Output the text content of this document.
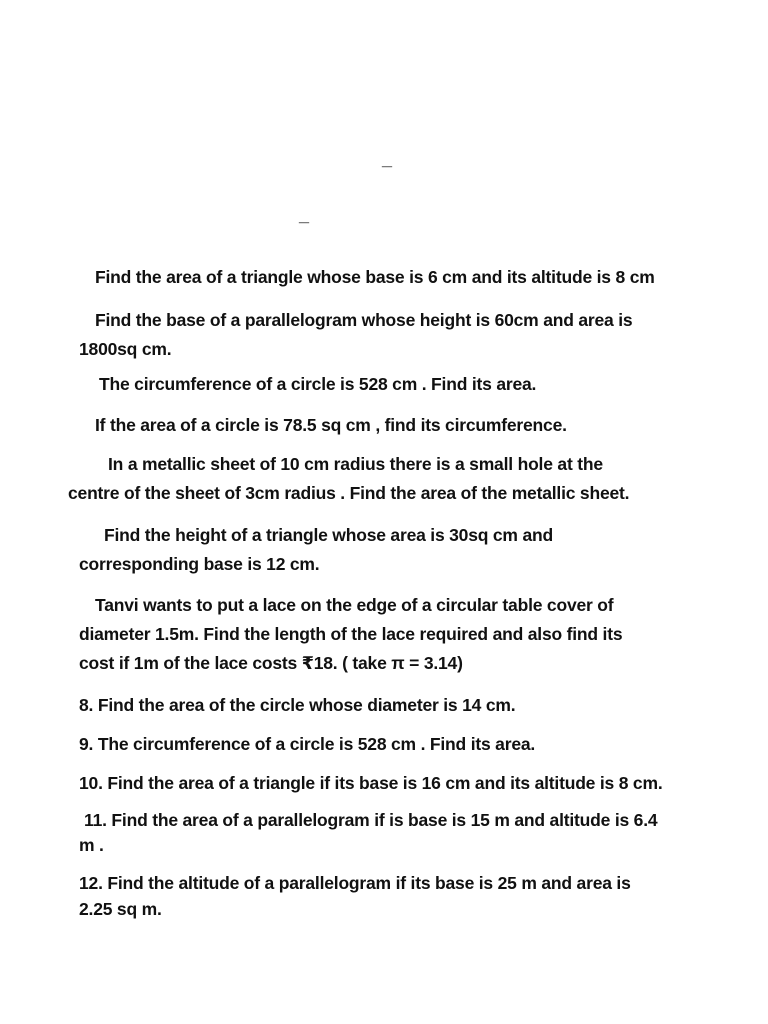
_
_
Find the area of a triangle whose base is 6 cm and its altitude is 8 cm
Find the base of a parallelogram whose height is 60cm and area is
1800sq cm.
The circumference of a circle is 528 cm . Find its area.
If the area of a circle is 78.5 sq cm , find its circumference.
In a metallic sheet of 10 cm radius there is a small hole at the
centre of the sheet of 3cm radius . Find the area of the metallic sheet.
Find the height of a triangle whose area is 30sq cm and
corresponding base is 12 cm.
Tanvi wants to put a lace on the edge of a circular table cover of
diameter 1.5m. Find the length of the lace required and also find its
cost if 1m of the lace costs ₹18. ( take π = 3.14)
8. Find the area of the circle whose diameter is 14 cm.
9. The circumference of a circle is 528 cm . Find its area.
10. Find the area of a triangle if its base is 16 cm and its altitude is 8 cm.
11. Find the area of a parallelogram if is base is 15 m and altitude is 6.4
m .
12. Find the altitude of a parallelogram if its base is 25 m and area is
2.25 sq m.
